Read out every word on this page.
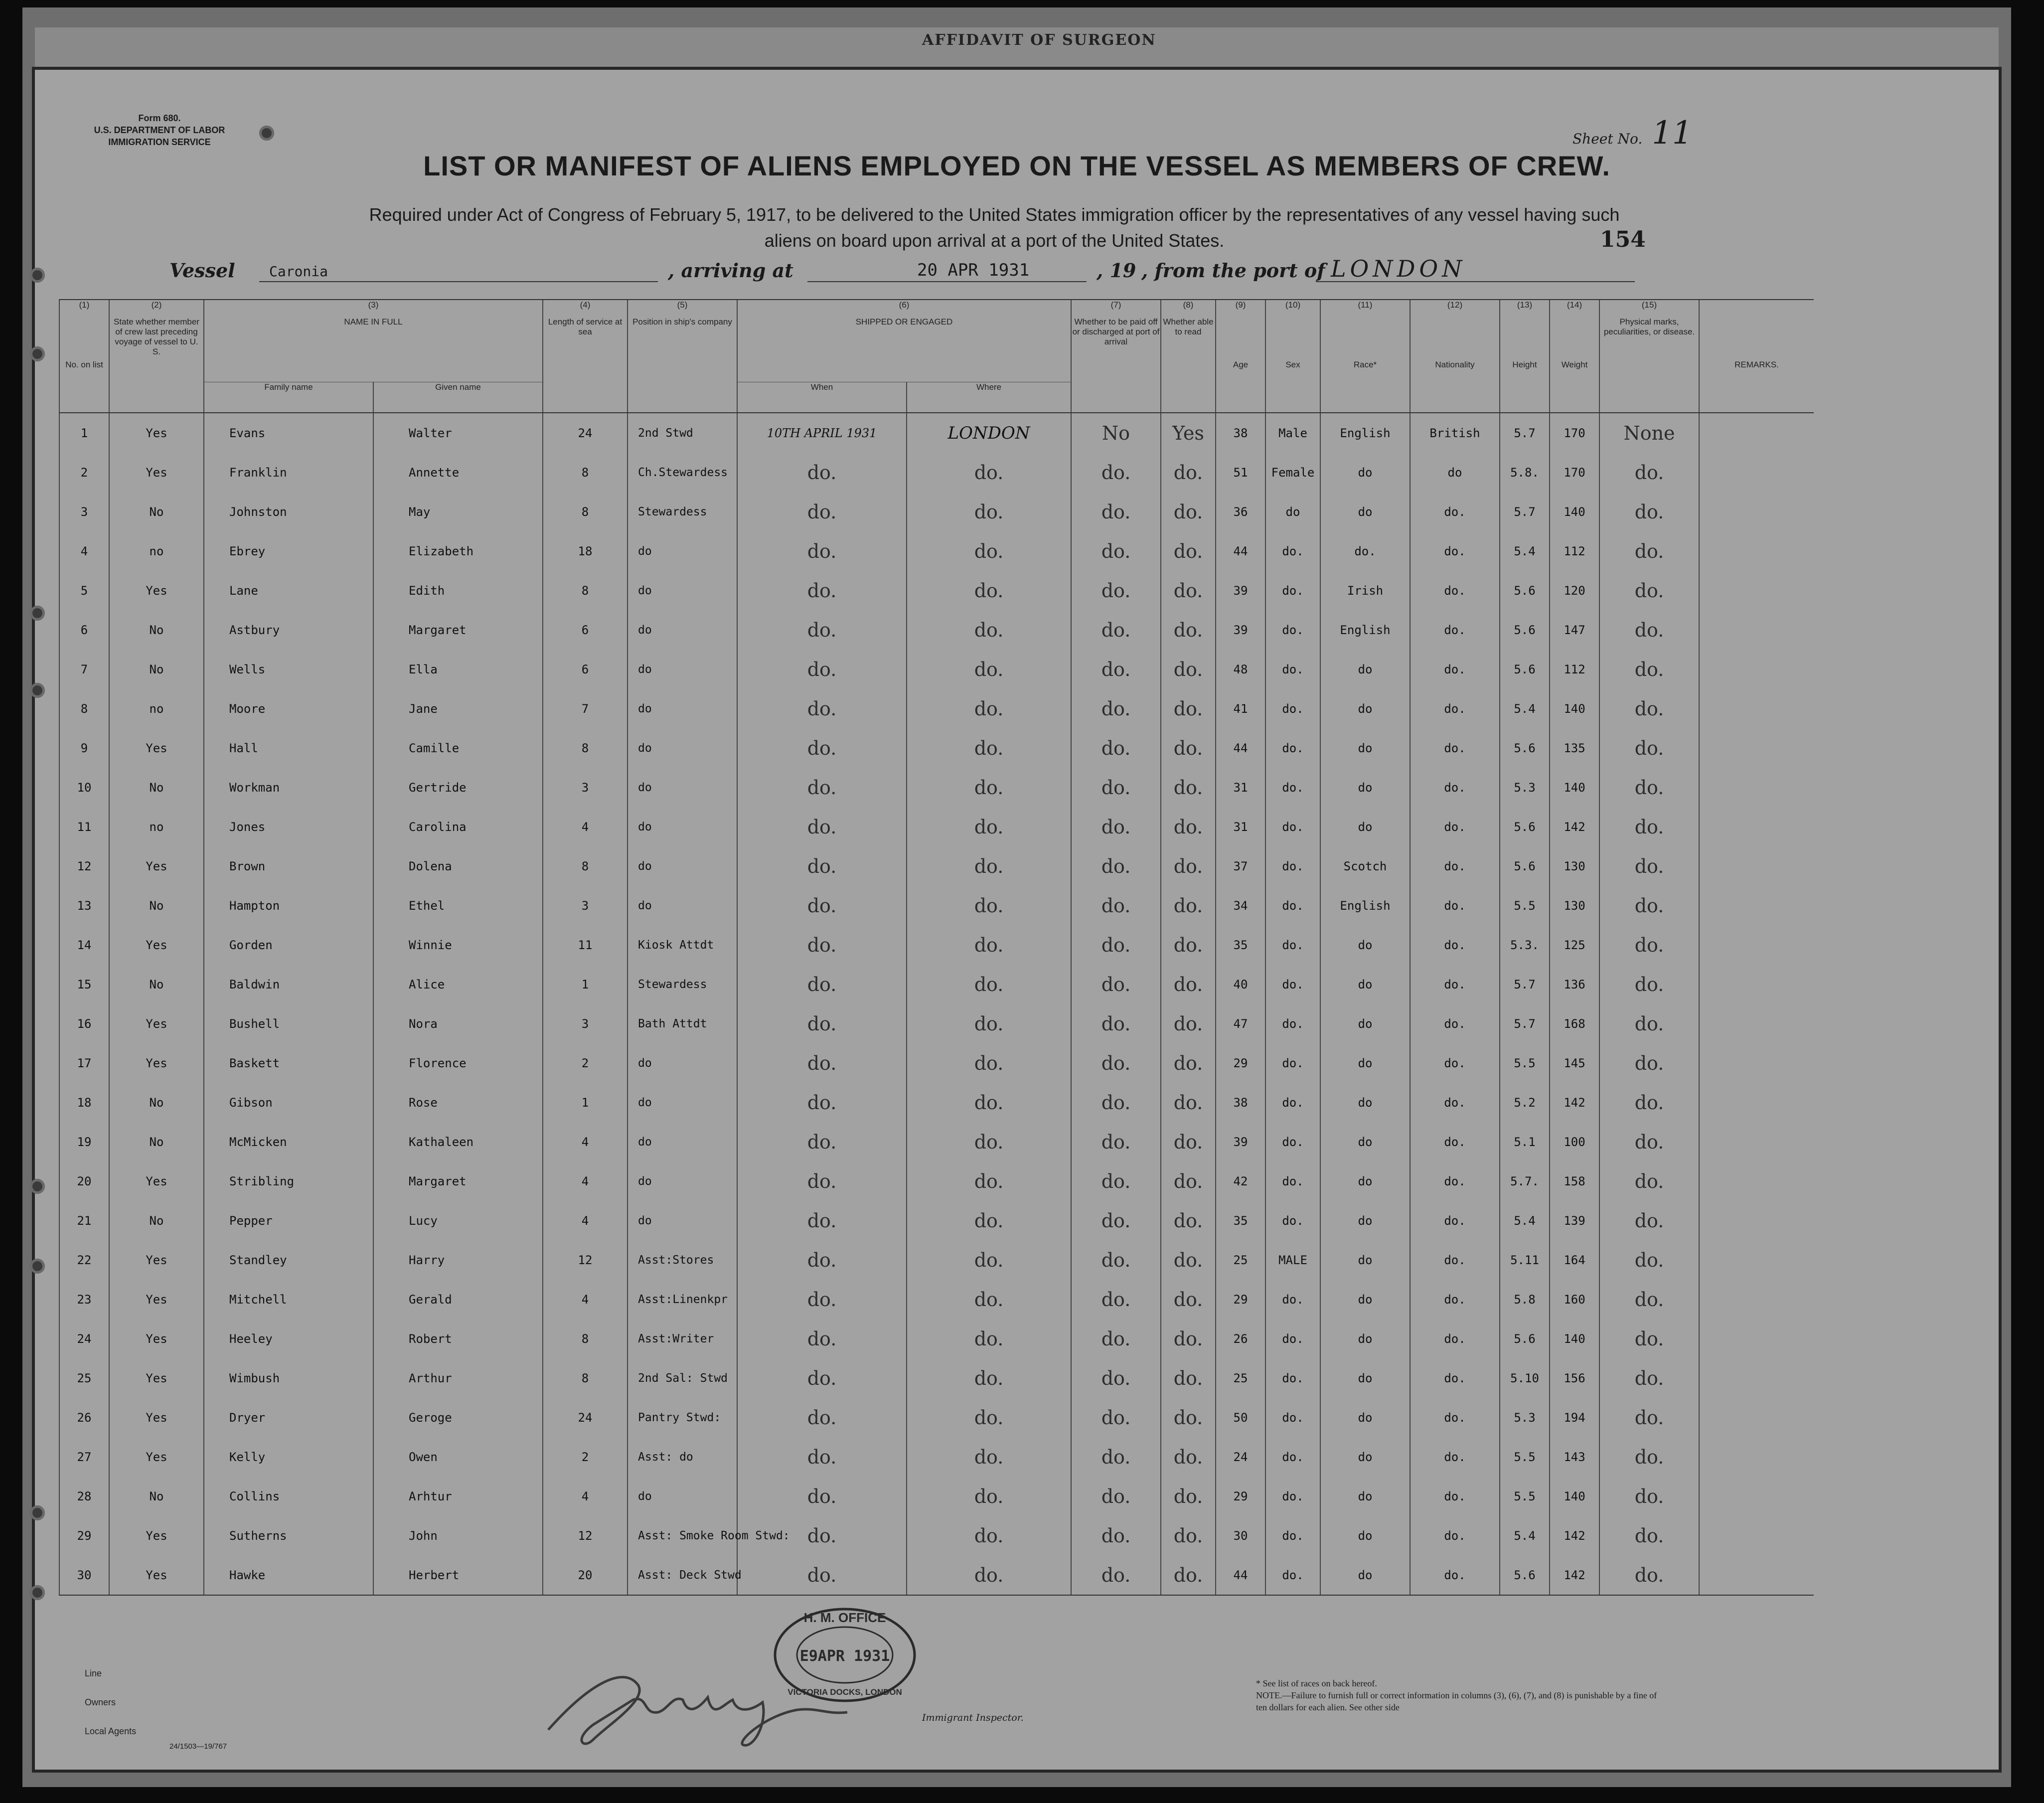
AFFIDAVIT OF SURGEON
Form 680.
U.S. DEPARTMENT OF LABOR
IMMIGRATION SERVICE	Sheet No. 11
LIST OR MANIFEST OF ALIENS EMPLOYED ON THE VESSEL AS MEMBERS OF CREW.
Required under Act of Congress of February 5, 1917, to be delivered to the United States immigration officer by the representatives of any vessel having such
aliens on board upon arrival at a port of the United States.	154
Vessel Caronia	, arriving at	20 APR 1931	, 19 , from the port of LONDON
(1)	(2)	(3)		(4)	(5)	(6)		(7)	(8)	(9)	(10)	(11)	(12)	(13)	(14)	(15)	
No. on list	State whether member of crew last preceding voyage of vessel to U. S.	NAME IN FULL		Length of service at sea	Position in ship's company	SHIPPED OR ENGAGED		Whether to be paid off or discharged at port of arrival	Whether able to read	Age	Sex	Race*	Nationality	Height	Weight	Physical marks, peculiarities, or disease.	REMARKS.
		Family name	Given name			When	Where										
1	Yes	Evans	Walter	24	2nd Stwd	10TH APRIL 1931	LONDON	No	Yes	38	Male	English	British	5.7	170	None	
2	Yes	Franklin	Annette	8	Ch.Stewardess	do.	do.	do.	do.	51	Female	do	do	5.8.	170	do.	
3	No	Johnston	May	8	Stewardess	do.	do.	do.	do.	36	do	do	do.	5.7	140	do.	
4	no	Ebrey	Elizabeth	18	do	do.	do.	do.	do.	44	do.	do.	do.	5.4	112	do.	
5	Yes	Lane	Edith	8	do	do.	do.	do.	do.	39	do.	Irish	do.	5.6	120	do.	
6	No	Astbury	Margaret	6	do	do.	do.	do.	do.	39	do.	English	do.	5.6	147	do.	
7	No	Wells	Ella	6	do	do.	do.	do.	do.	48	do.	do	do.	5.6	112	do.	
8	no	Moore	Jane	7	do	do.	do.	do.	do.	41	do.	do	do.	5.4	140	do.	
9	Yes	Hall	Camille	8	do	do.	do.	do.	do.	44	do.	do	do.	5.6	135	do.	
10	No	Workman	Gertride	3	do	do.	do.	do.	do.	31	do.	do	do.	5.3	140	do.	
11	no	Jones	Carolina	4	do	do.	do.	do.	do.	31	do.	do	do.	5.6	142	do.	
12	Yes	Brown	Dolena	8	do	do.	do.	do.	do.	37	do.	Scotch	do.	5.6	130	do.	
13	No	Hampton	Ethel	3	do	do.	do.	do.	do.	34	do.	English	do.	5.5	130	do.	
14	Yes	Gorden	Winnie	11	Kiosk Attdt	do.	do.	do.	do.	35	do.	do	do.	5.3.	125	do.	
15	No	Baldwin	Alice	1	Stewardess	do.	do.	do.	do.	40	do.	do	do.	5.7	136	do.	
16	Yes	Bushell	Nora	3	Bath Attdt	do.	do.	do.	do.	47	do.	do	do.	5.7	168	do.	
17	Yes	Baskett	Florence	2	do	do.	do.	do.	do.	29	do.	do	do.	5.5	145	do.	
18	No	Gibson	Rose	1	do	do.	do.	do.	do.	38	do.	do	do.	5.2	142	do.	
19	No	McMicken	Kathaleen	4	do	do.	do.	do.	do.	39	do.	do	do.	5.1	100	do.	
20	Yes	Stribling	Margaret	4	do	do.	do.	do.	do.	42	do.	do	do.	5.7.	158	do.	
21	No	Pepper	Lucy	4	do	do.	do.	do.	do.	35	do.	do	do.	5.4	139	do.	
22	Yes	Standley	Harry	12	Asst:Stores	do.	do.	do.	do.	25	MALE	do	do.	5.11	164	do.	
23	Yes	Mitchell	Gerald	4	Asst:Linenkpr	do.	do.	do.	do.	29	do.	do	do.	5.8	160	do.	
24	Yes	Heeley	Robert	8	Asst:Writer	do.	do.	do.	do.	26	do.	do	do.	5.6	140	do.	
25	Yes	Wimbush	Arthur	8	2nd Sal: Stwd	do.	do.	do.	do.	25	do.	do	do.	5.10	156	do.	
26	Yes	Dryer	Geroge	24	Pantry Stwd:	do.	do.	do.	do.	50	do.	do	do.	5.3	194	do.	
27	Yes	Kelly	Owen	2	Asst: do	do.	do.	do.	do.	24	do.	do	do.	5.5	143	do.	
28	No	Collins	Arhtur	4	do	do.	do.	do.	do.	29	do.	do	do.	5.5	140	do.	
29	Yes	Sutherns	John	12	Asst: Smoke Room Stwd:	do.	do.	do.	do.	30	do.	do	do.	5.4	142	do.	
30	Yes	Hawke	Herbert	20	Asst: Deck Stwd	do.	do.	do.	do.	44	do.	do	do.	5.6	142	do.	
Line
Owners
Local Agents
24/1503—19/767
Immigrant Inspector.
H. M. OFFICE
E9APR 1931
VICTORIA DOCKS, LONDON
* See list of races on back hereof.
NOTE.—Failure to furnish full or correct information in columns (3), (6), (7), and (8) is punishable by a fine of ten dollars for each alien. See other side
